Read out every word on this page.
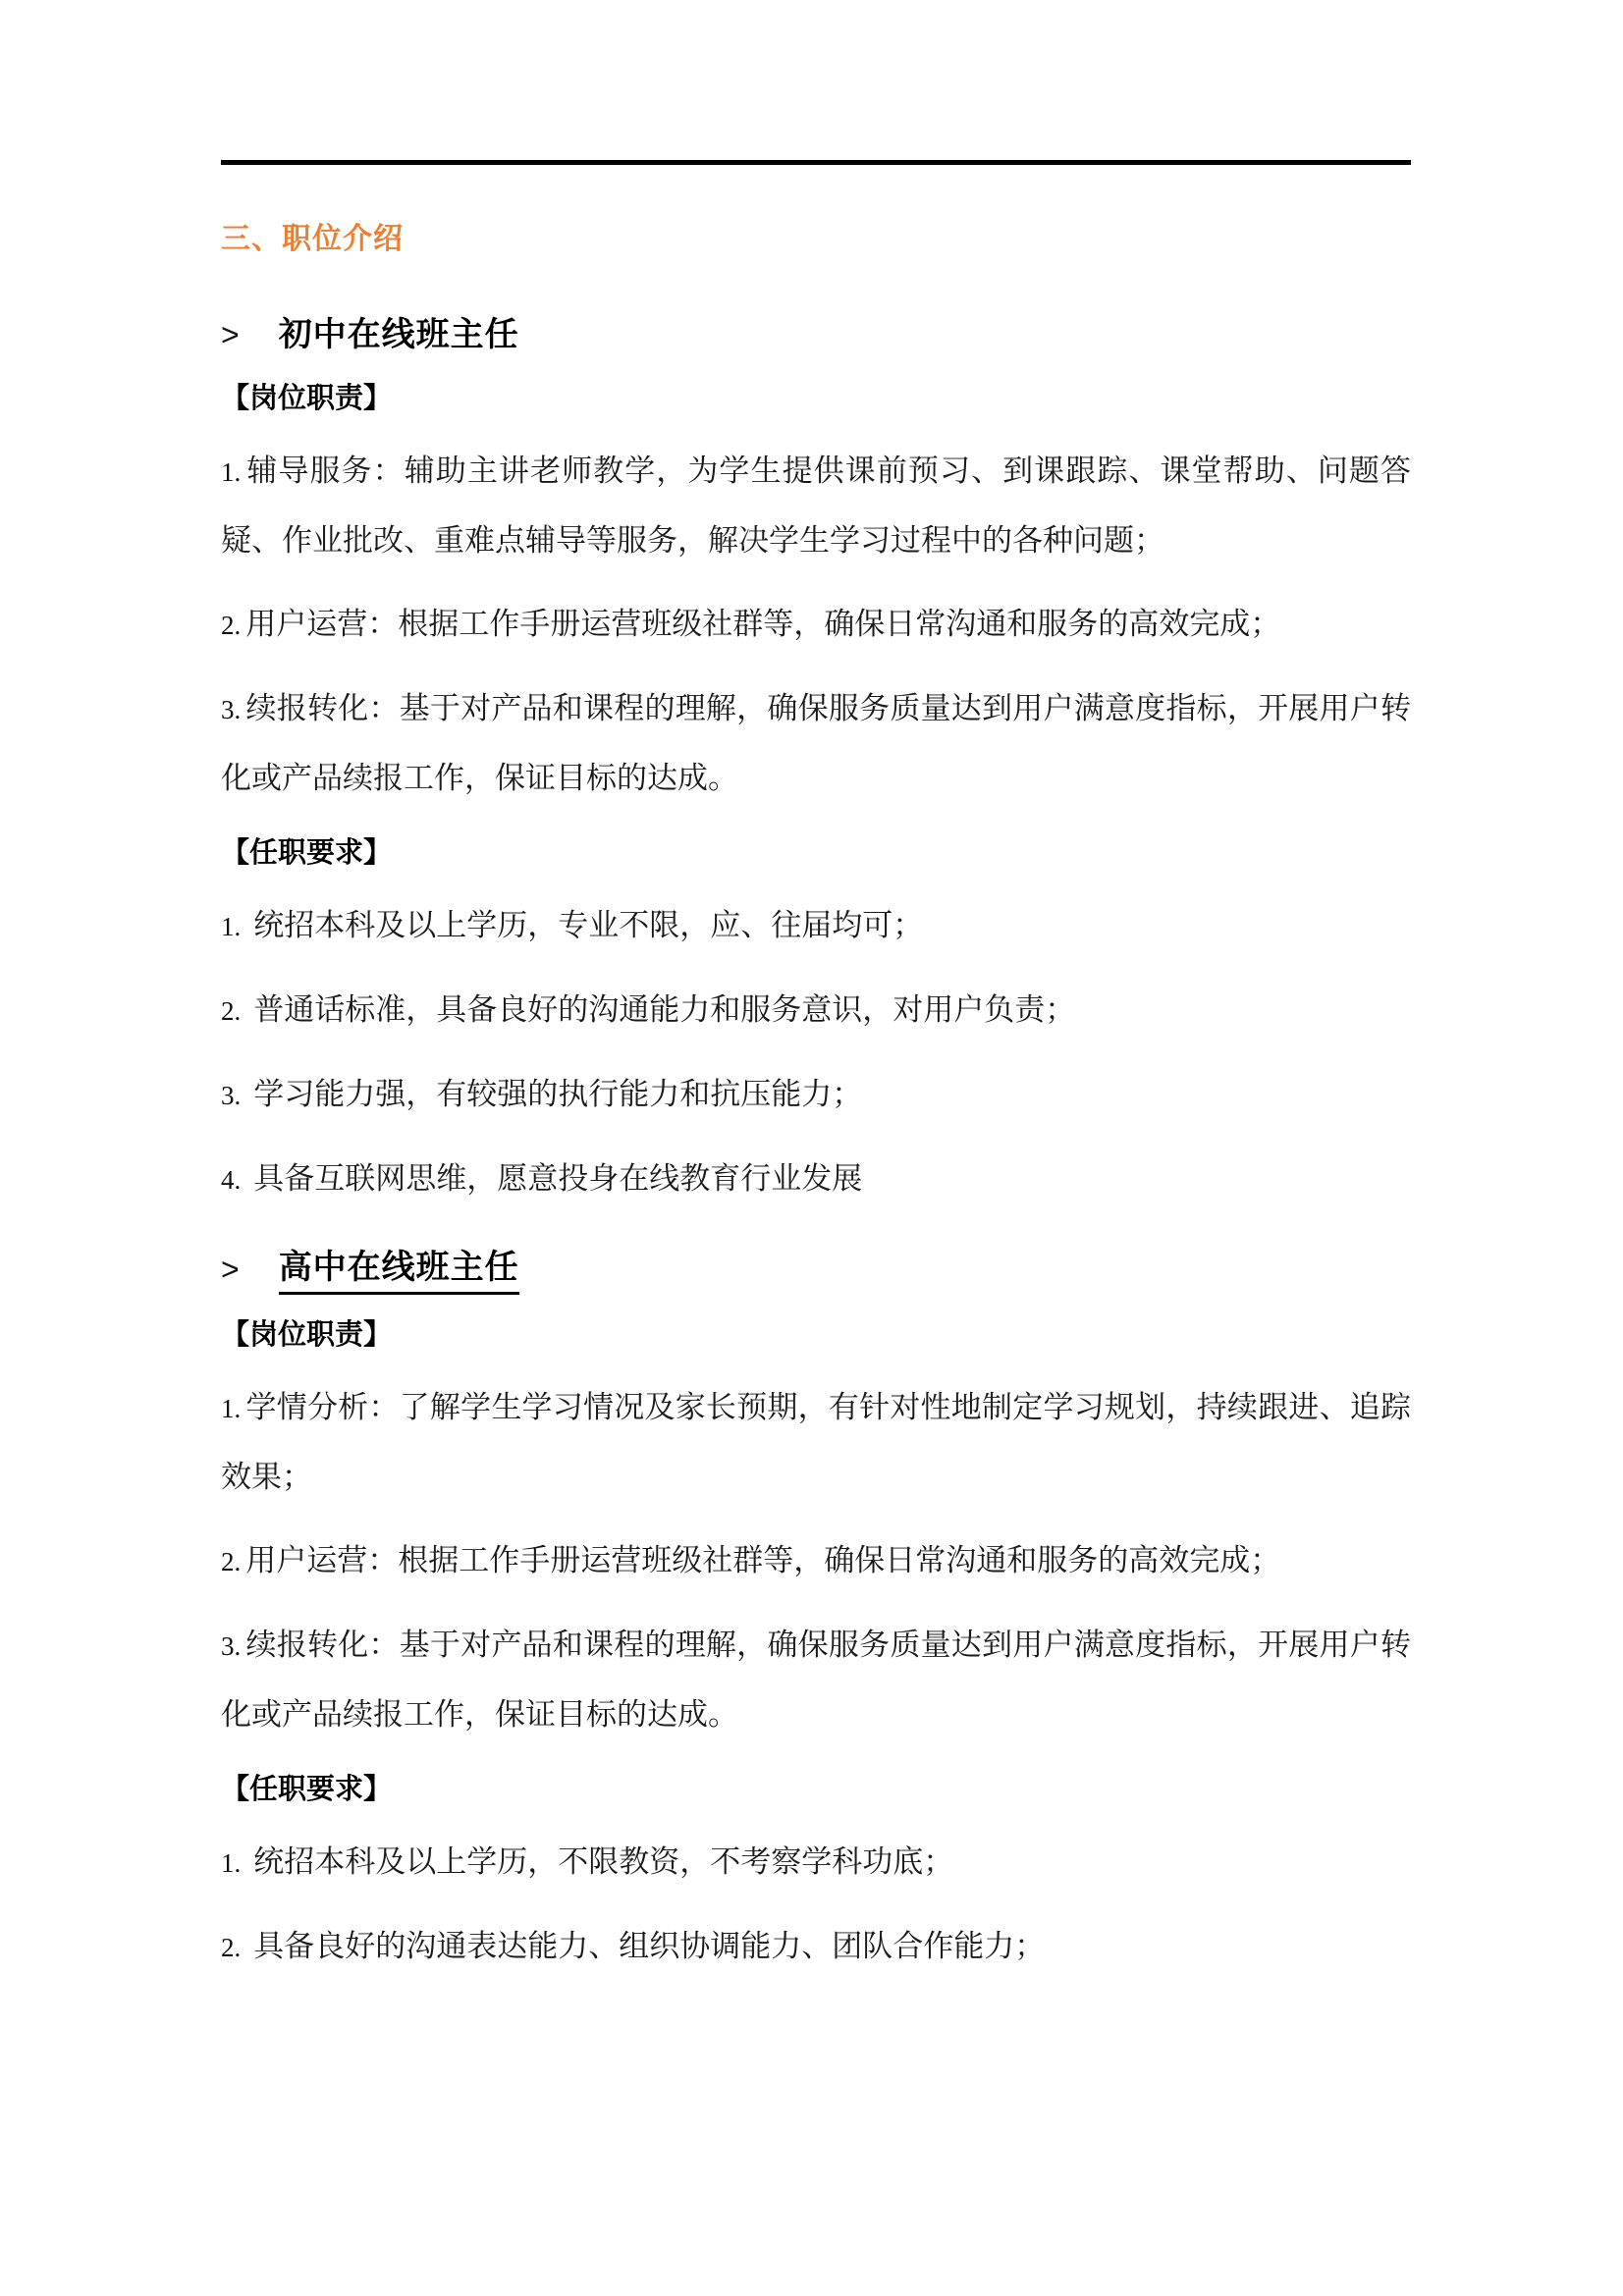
三、职位介绍
> 初中在线班主任
【岗位职责】

1. 辅导服务：辅助主讲老师教学，为学生提供课前预习、到课跟踪、课堂帮助、问题答疑、作业批改、重难点辅导等服务，解决学生学习过程中的各种问题；

2. 用户运营：根据工作手册运营班级社群等，确保日常沟通和服务的高效完成；

3. 续报转化：基于对产品和课程的理解，确保服务质量达到用户满意度指标，开展用户转化或产品续报工作，保证目标的达成。

【任职要求】

1. 统招本科及以上学历，专业不限，应、往届均可；

2. 普通话标准，具备良好的沟通能力和服务意识，对用户负责；

3. 学习能力强，有较强的执行能力和抗压能力；

4. 具备互联网思维，愿意投身在线教育行业发展

> 高中在线班主任
【岗位职责】

1. 学情分析：了解学生学习情况及家长预期，有针对性地制定学习规划，持续跟进、追踪效果；

2. 用户运营：根据工作手册运营班级社群等，确保日常沟通和服务的高效完成；

3. 续报转化：基于对产品和课程的理解，确保服务质量达到用户满意度指标，开展用户转化或产品续报工作，保证目标的达成。

【任职要求】

1. 统招本科及以上学历，不限教资，不考察学科功底；

2. 具备良好的沟通表达能力、组织协调能力、团队合作能力；
